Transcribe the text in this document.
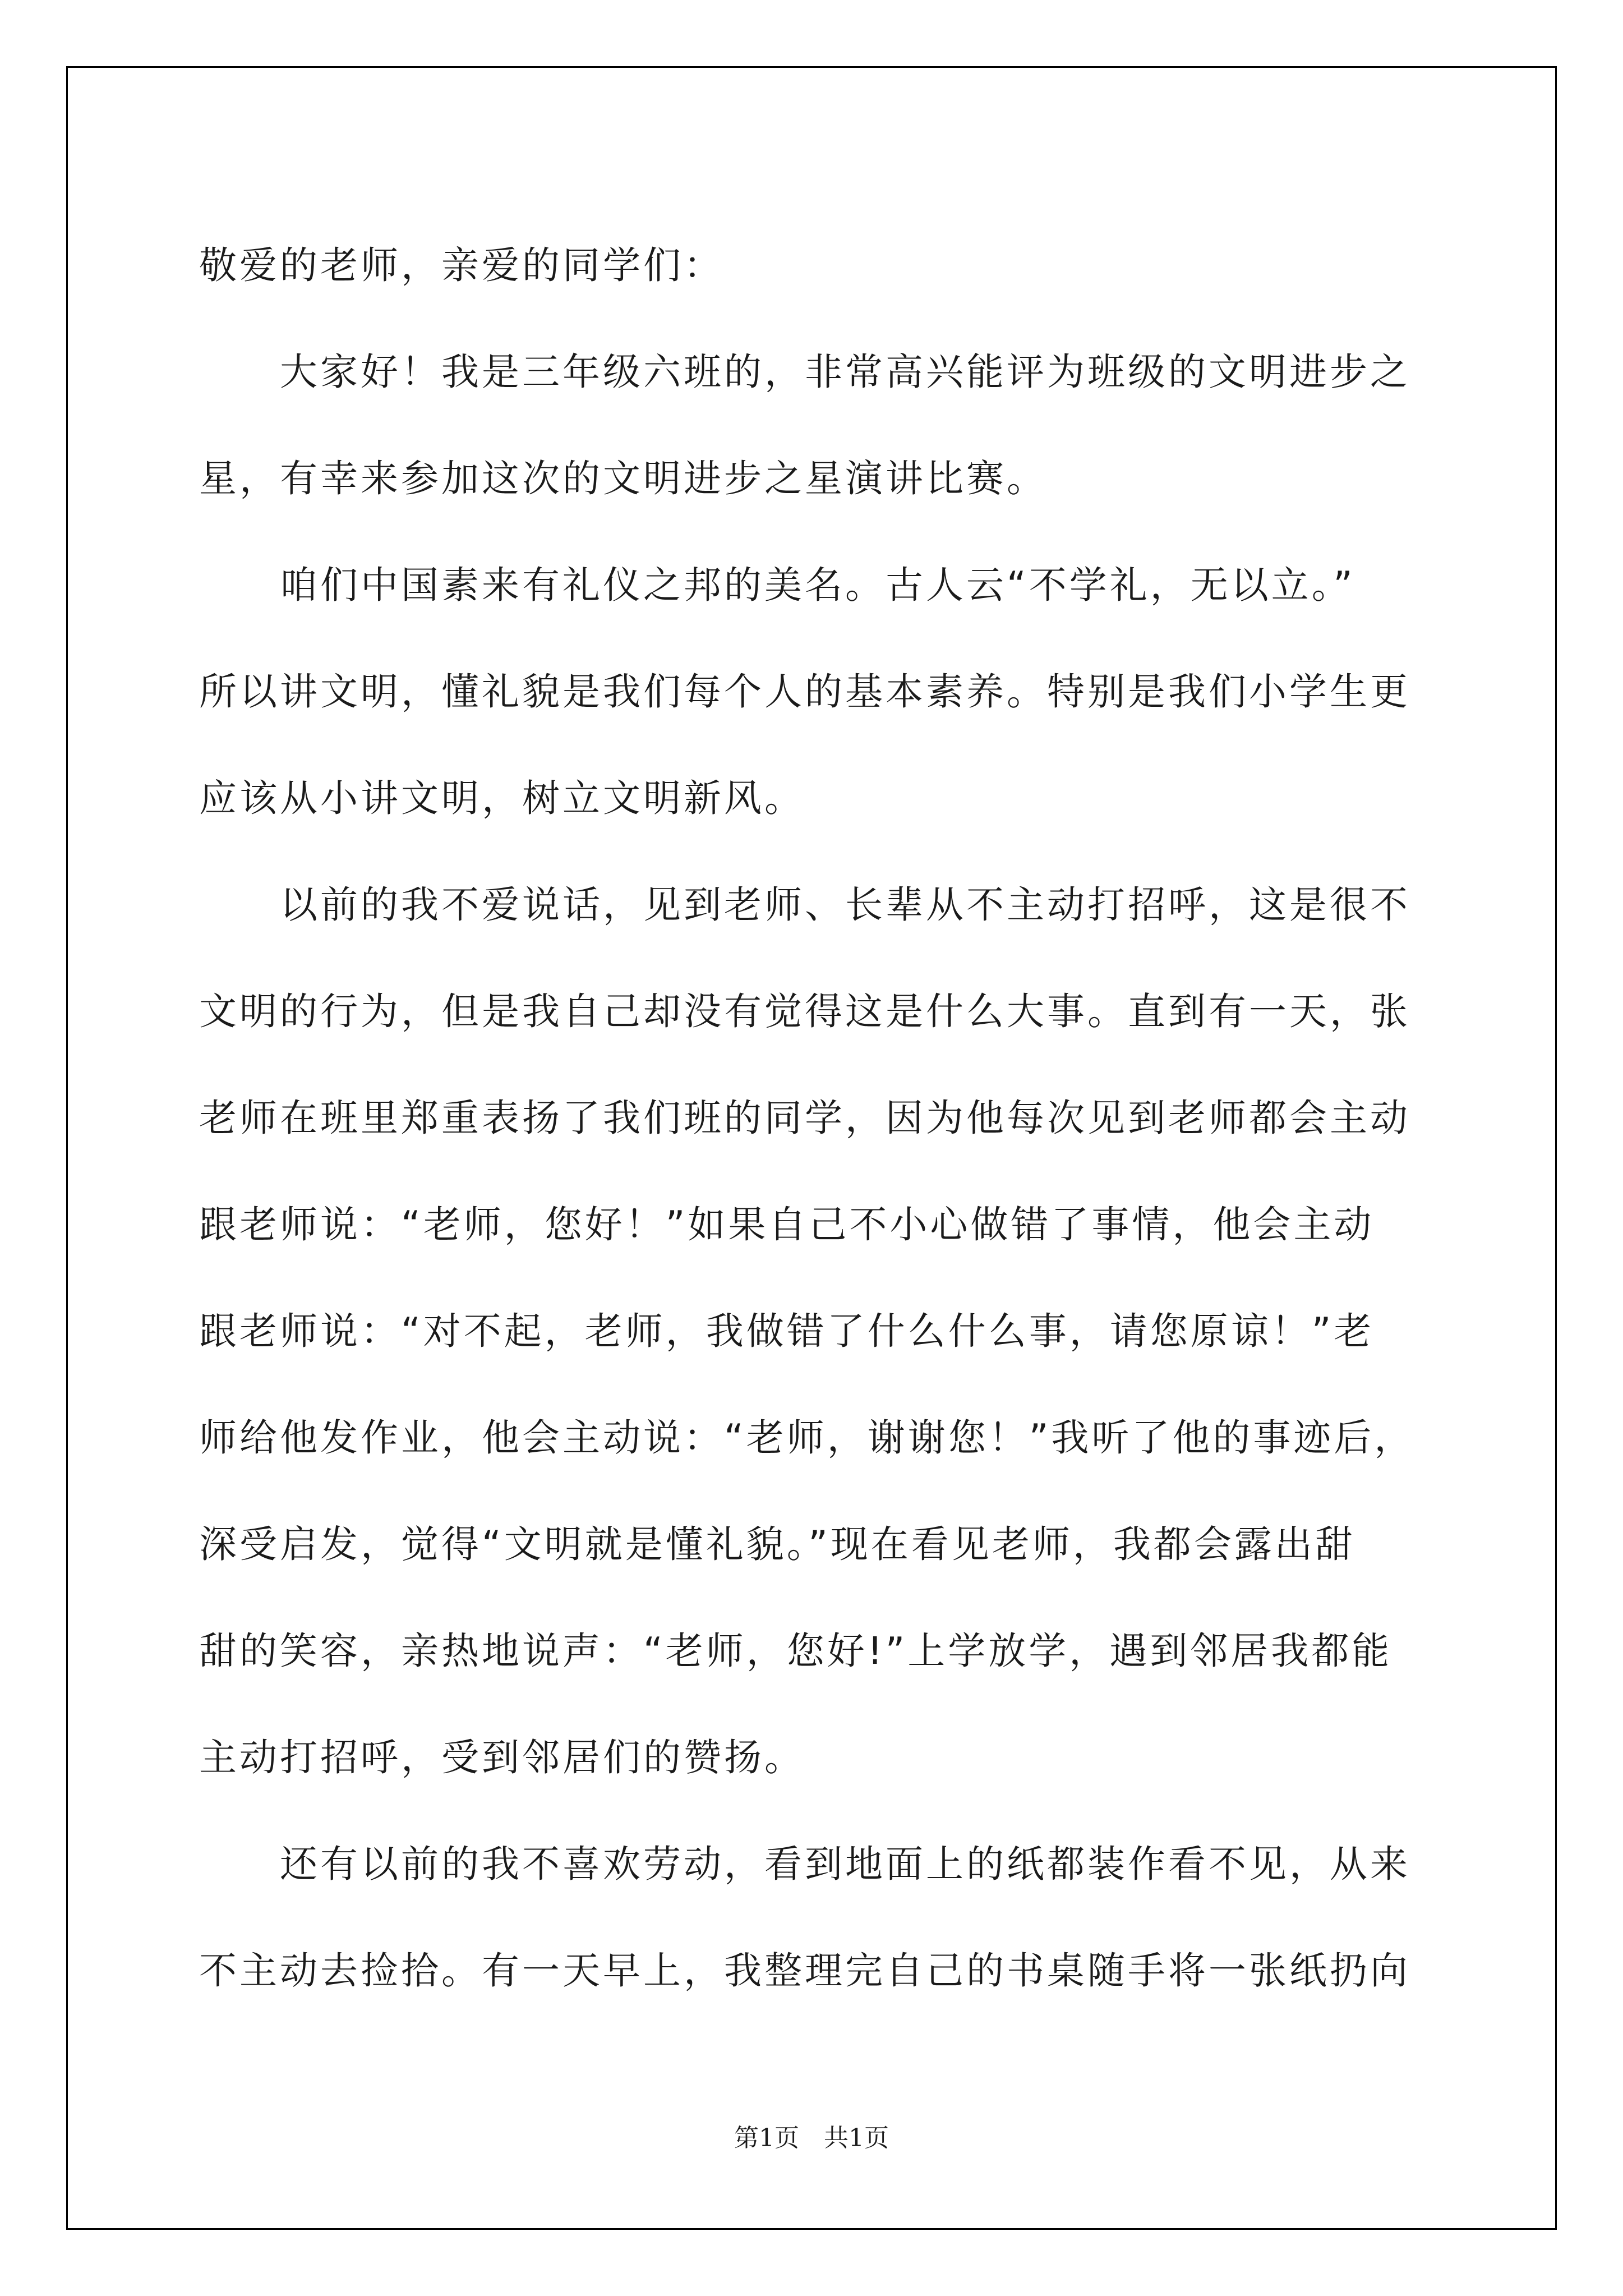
敬爱的老师，亲爱的同学们：

　　大家好！我是三年级六班的，非常高兴能评为班级的文明进步之

星，有幸来参加这次的文明进步之星演讲比赛。

　　咱们中国素来有礼仪之邦的美名。古人云“不学礼，无以立。”

所以讲文明，懂礼貌是我们每个人的基本素养。特别是我们小学生更

应该从小讲文明，树立文明新风。

　　以前的我不爱说话，见到老师、长辈从不主动打招呼，这是很不

文明的行为，但是我自己却没有觉得这是什么大事。直到有一天，张

老师在班里郑重表扬了我们班的同学，因为他每次见到老师都会主动

跟老师说：“老师，您好！”如果自己不小心做错了事情，他会主动

跟老师说：“对不起，老师，我做错了什么什么事，请您原谅！”老

师给他发作业，他会主动说：“老师，谢谢您！”我听了他的事迹后，

深受启发，觉得“文明就是懂礼貌。”现在看见老师，我都会露出甜

甜的笑容，亲热地说声：“老师，您好!”上学放学，遇到邻居我都能

主动打招呼，受到邻居们的赞扬。

　　还有以前的我不喜欢劳动，看到地面上的纸都装作看不见，从来

不主动去捡拾。有一天早上，我整理完自己的书桌随手将一张纸扔向

第1页　共1页
